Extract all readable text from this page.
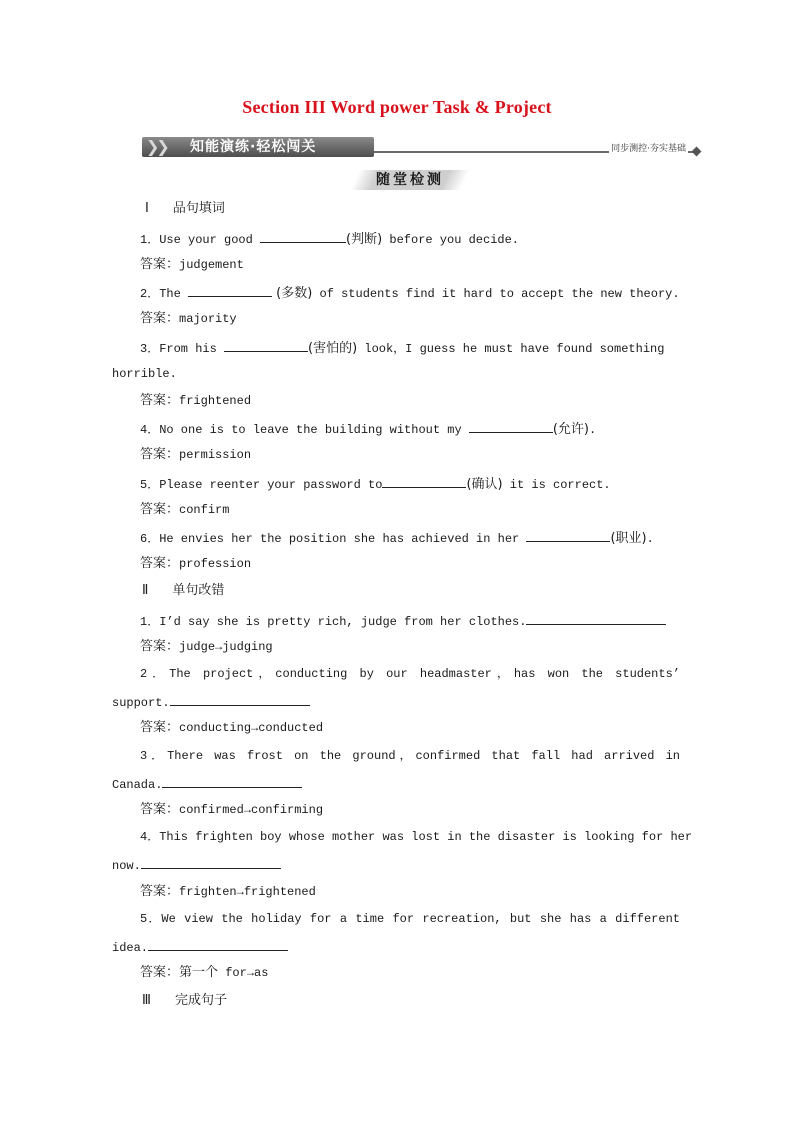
Section III Word power Task & Project
❯❯ 知能演练·轻松闯关	同步测控·夯实基础
随堂检测
Ⅰ 品句填词
1．Use your good	(判断) before you decide.
答案：judgement
2．The	(多数) of students find it hard to accept the new theory.
答案：majority
3．From his	(害怕的) look，I guess he must have found something
horrible.
答案：frightened
4．No one is to leave the building without my	(允许).
答案：permission
5．Please reenter your password to	(确认) it is correct.
答案：confirm
6．He envies her the position she has achieved in her	(职业).
答案：profession
Ⅱ 单句改错
1．I’d say she is pretty rich, judge from her clothes.
答案：judge→judging
2．The project，conducting by our headmaster，has won the students’
support.
答案：conducting→conducted
3．There was frost on the ground，confirmed that fall had arrived in
Canada.
答案：confirmed→confirming
4．This frighten boy whose mother was lost in the disaster is looking for her
now.
答案：frighten→frightened
5．We view the holiday for a time for recreation, but she has a different
idea.
答案：第一个 for→as
Ⅲ 完成句子
